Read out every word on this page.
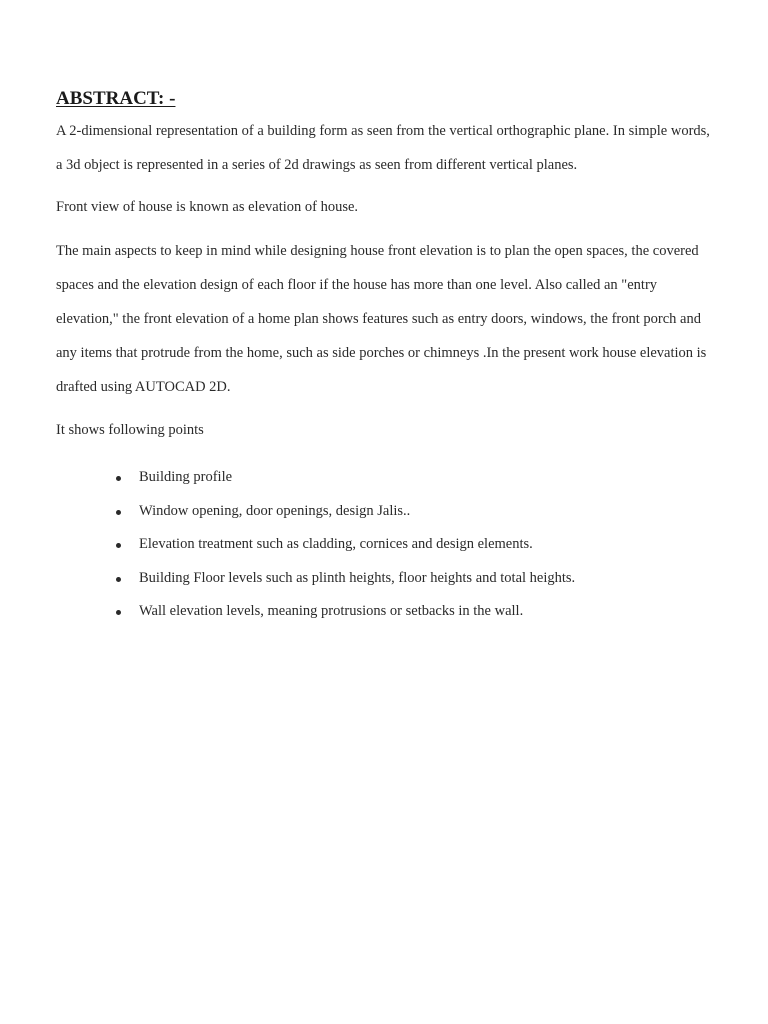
ABSTRACT: -

A 2-dimensional representation of a building form as seen from the vertical orthographic plane. In simple words, a 3d object is represented in a series of 2d drawings as seen from different vertical planes.

Front view of house is known as elevation of house.

The main aspects to keep in mind while designing house front elevation is to plan the open spaces, the covered spaces and the elevation design of each floor if the house has more than one level. Also called an "entry elevation," the front elevation of a home plan shows features such as entry doors, windows, the front porch and any items that protrude from the home, such as side porches or chimneys .In the present work house elevation is drafted using AUTOCAD 2D.

It shows following points

Building profile
Window opening, door openings, design Jalis..
Elevation treatment such as cladding, cornices and design elements.
Building Floor levels such as plinth heights, floor heights and total heights.
Wall elevation levels, meaning protrusions or setbacks in the wall.
